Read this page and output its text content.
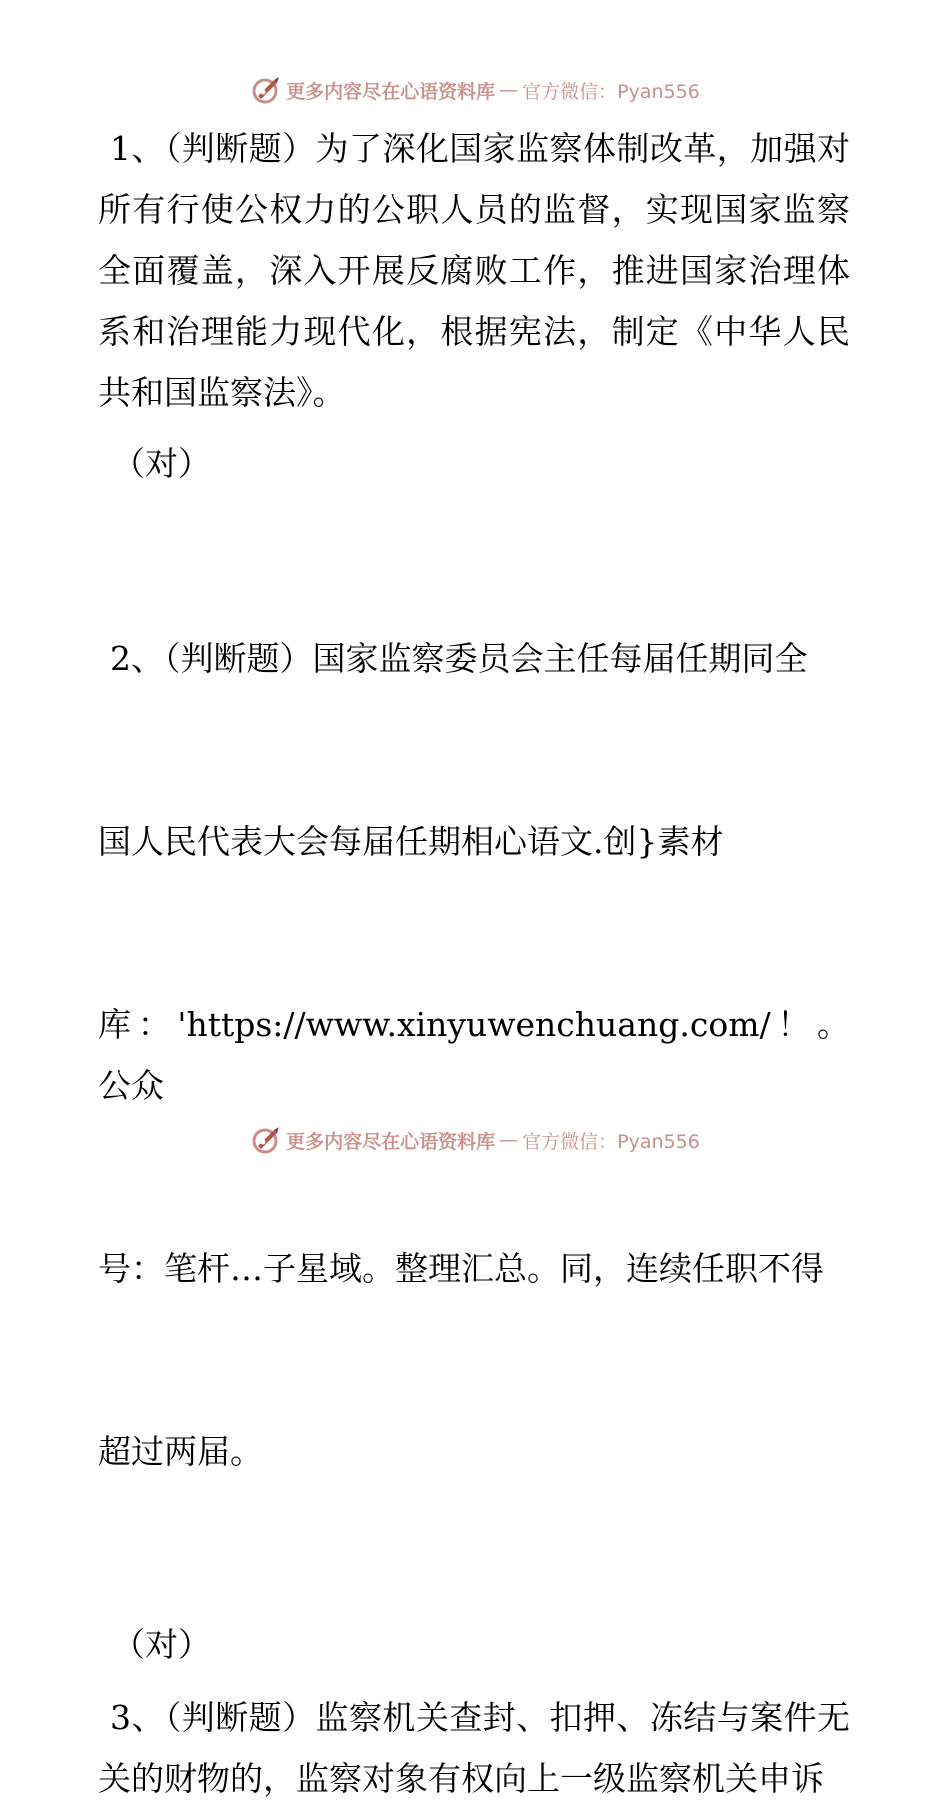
更多内容尽在心语资料库 — 官方微信：Pyan556

1、（判断题）为了深化国家监察体制改革，加强对所有行使公权力的公职人员的监督，实现国家监察全面覆盖，深入开展反腐败工作，推进国家治理体系和治理能力现代化，根据宪法，制定《中华人民共和国监察法》。

（对）

2、（判断题）国家监察委员会主任每届任期同全

国人民代表大会每届任期相心语文.创}素材

库：'https://www.xinyuwenchuang.com/！。公众

号：笔杆…子星域。整理汇总。同，连续任职不得

超过两届。

（对）

3、（判断题）监察机关查封、扣押、冻结与案件无关的财物的，监察对象有权向上一级监察机关申诉

更多内容尽在心语资料库 — 官方微信：Pyan556
